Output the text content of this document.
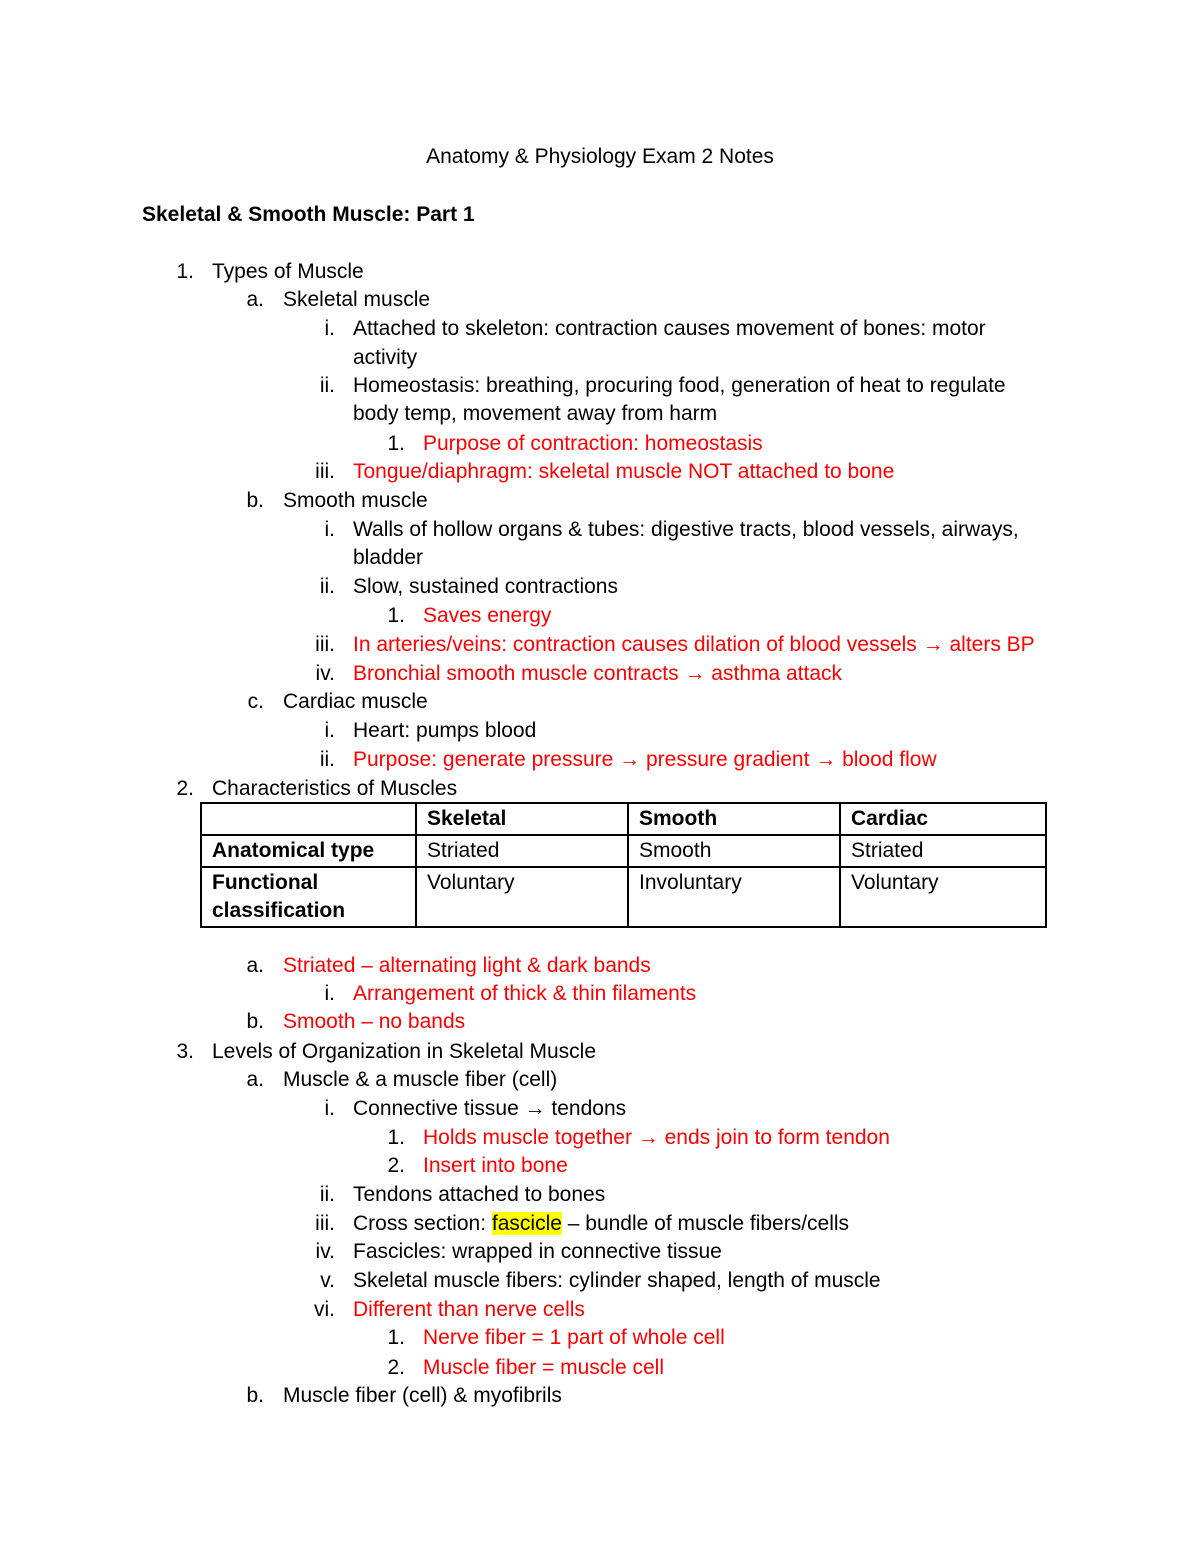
Anatomy & Physiology Exam 2 Notes
Skeletal & Smooth Muscle: Part 1
1. Types of Muscle
a. Skeletal muscle
i. Attached to skeleton: contraction causes movement of bones: motor
activity
ii. Homeostasis: breathing, procuring food, generation of heat to regulate
body temp, movement away from harm
1. Purpose of contraction: homeostasis
iii. Tongue/diaphragm: skeletal muscle NOT attached to bone
b. Smooth muscle
i. Walls of hollow organs & tubes: digestive tracts, blood vessels, airways,
bladder
ii. Slow, sustained contractions
1. Saves energy
iii. In arteries/veins: contraction causes dilation of blood vessels → alters BP
iv. Bronchial smooth muscle contracts → asthma attack
c. Cardiac muscle
i. Heart: pumps blood
ii. Purpose: generate pressure → pressure gradient → blood flow
2. Characteristics of Muscles
	Skeletal	Smooth	Cardiac
Anatomical type	Striated	Smooth	Striated
Functional classification	Voluntary	Involuntary	Voluntary
a. Striated – alternating light & dark bands
i. Arrangement of thick & thin filaments
b. Smooth – no bands
3. Levels of Organization in Skeletal Muscle
a. Muscle & a muscle fiber (cell)
i. Connective tissue → tendons
1. Holds muscle together → ends join to form tendon
2. Insert into bone
ii. Tendons attached to bones
iii. Cross section: fascicle – bundle of muscle fibers/cells
iv. Fascicles: wrapped in connective tissue
v. Skeletal muscle fibers: cylinder shaped, length of muscle
vi. Different than nerve cells
1. Nerve fiber = 1 part of whole cell
2. Muscle fiber = muscle cell
b. Muscle fiber (cell) & myofibrils
